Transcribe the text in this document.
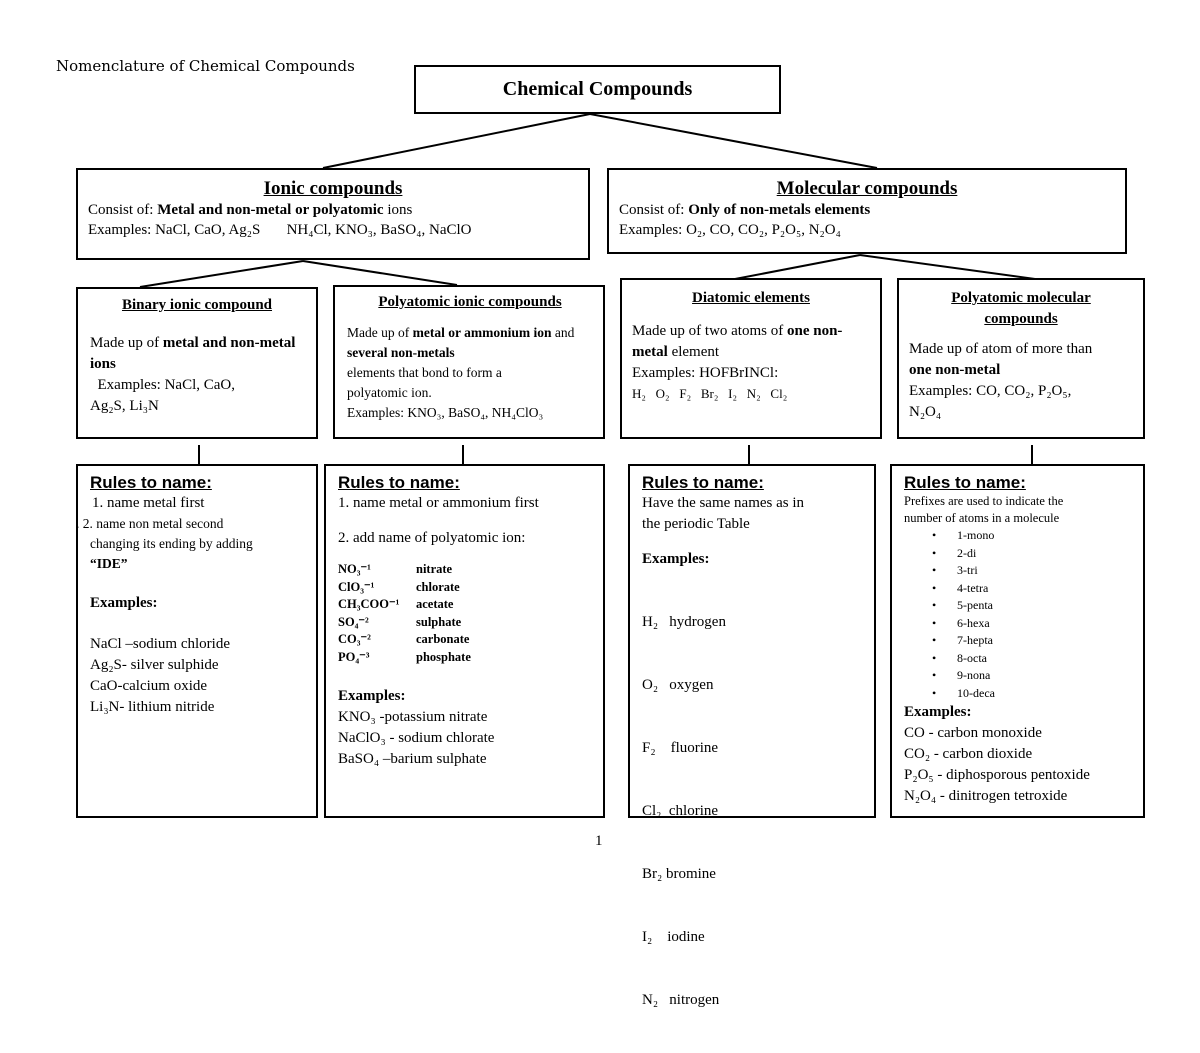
Nomenclature of Chemical Compounds
Chemical Compounds
Ionic compounds
Consist of: Metal and non-metal or polyatomic ions
Examples: NaCl, CaO, Ag₂S NH₄Cl, KNO₃, BaSO₄, NaClO
Molecular compounds
Consist of: Only of non-metals elements
Examples: O₂, CO, CO₂, P₂O₅, N₂O₄
Binary ionic compound
Made up of metal and non-metal ions
Examples: NaCl, CaO,
Ag₂S, Li₃N
Polyatomic ionic compounds
Made up of metal or ammonium ion and several non-metals
elements that bond to form a
polyatomic ion.
Examples: KNO₃, BaSO₄, NH₄ClO₃
Diatomic elements
Made up of two atoms of one non-metal element
Examples: HOFBrINCl:
H₂   O₂   F₂   Br₂   I₂   N₂   Cl₂
Polyatomic molecular
compounds
Made up of atom of more than
one non-metal
Examples: CO, CO₂, P₂O₅,
N₂O₄
Rules to name:
1. name metal first
. 2. name non metal second
changing its ending by adding
“IDE”
Examples:
NaCl –sodium chloride
Ag₂S- silver sulphide
CaO-calcium oxide
Li₃N- lithium nitride
Rules to name:
1. name metal or ammonium first
2. add name of polyatomic ion:
NO₃⁻¹	nitrate
ClO₃⁻¹	chlorate
CH₃COO⁻¹	acetate
SO₄⁻²	sulphate
CO₃⁻²	carbonate
PO₄⁻³	phosphate
Examples:
KNO₃ -potassium nitrate
NaClO₃ - sodium chlorate
BaSO₄ –barium sulphate
Rules to name:
Have the same names as in
the periodic Table
Examples:

H₂   hydrogen

O₂   oxygen

F₂    fluorine

Cl₂  chlorine

Br₂ bromine

I₂    iodine

N₂   nitrogen

Rules to name:
Prefixes are used to indicate the
number of atoms in a molecule
• 1-mono
• 2-di
• 3-tri
• 4-tetra
• 5-penta
• 6-hexa
• 7-hepta
• 8-octa
• 9-nona
• 10-deca
Examples:
CO - carbon monoxide
CO₂ - carbon dioxide
P₂O₅ - diphosporous pentoxide
N₂O₄ - dinitrogen tetroxide
1
